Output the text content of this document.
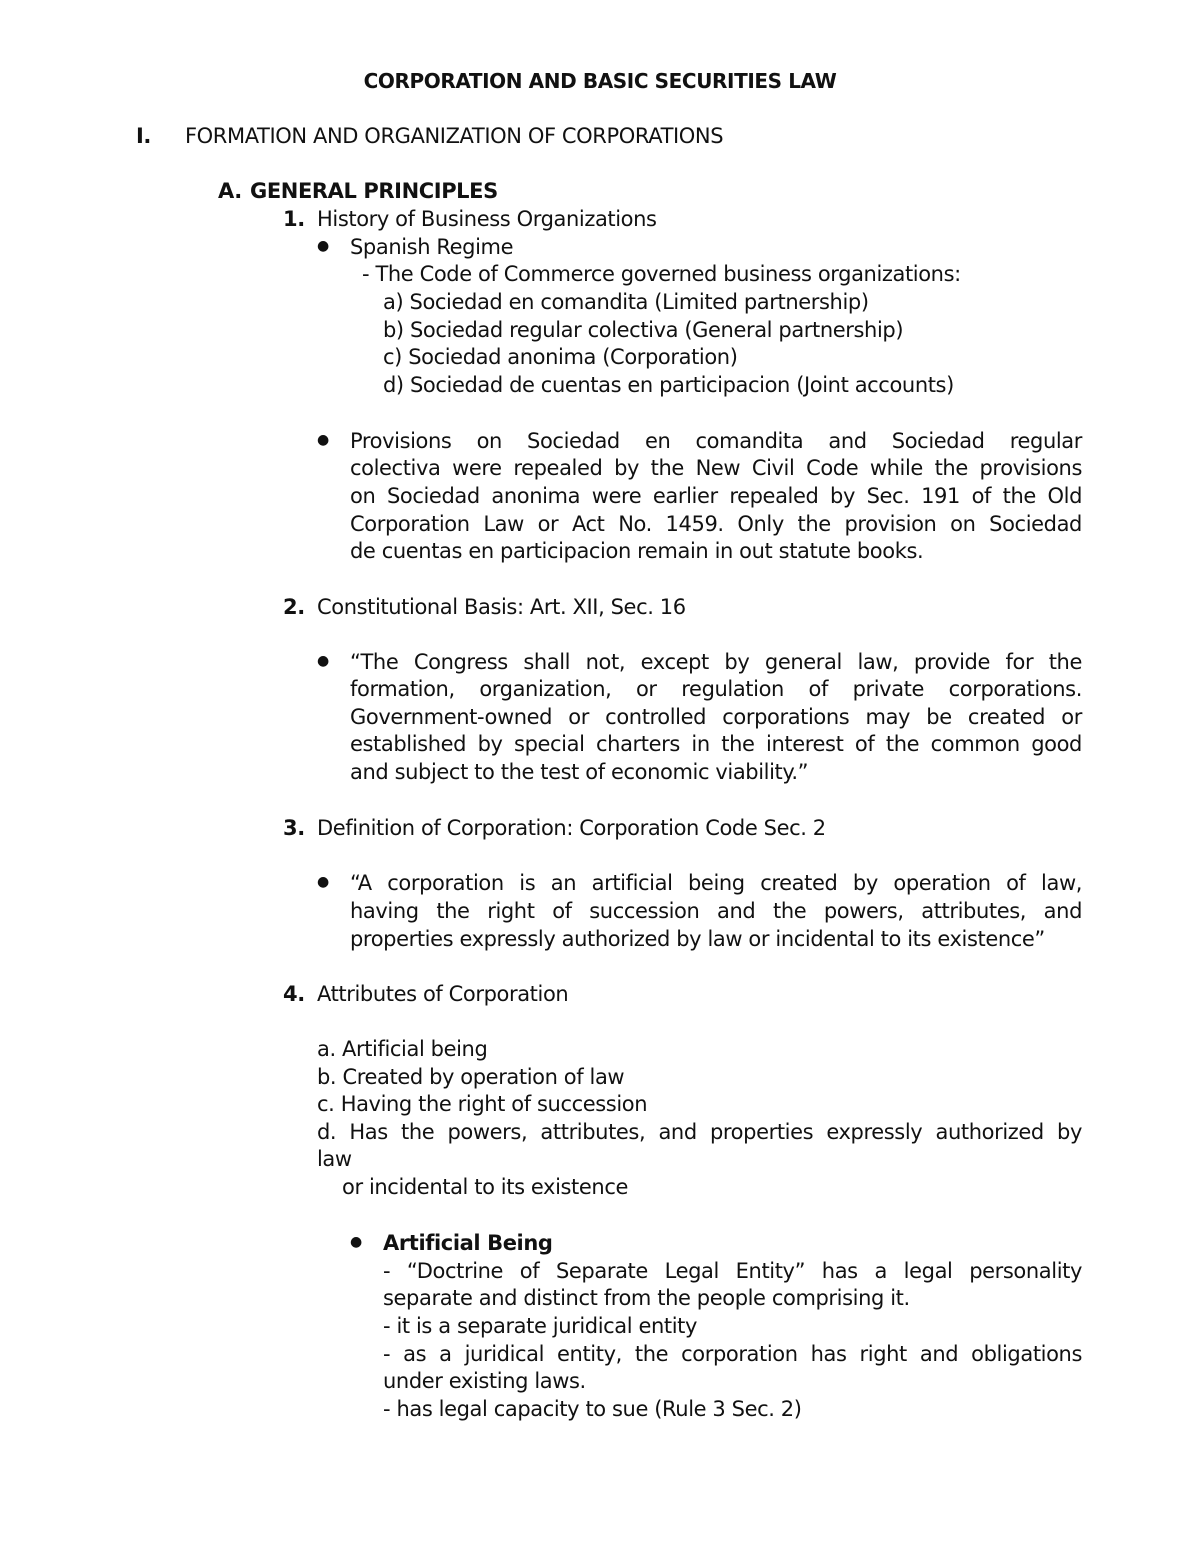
CORPORATION AND BASIC SECURITIES LAW
I. FORMATION AND ORGANIZATION OF CORPORATIONS
A. GENERAL PRINCIPLES
1. History of Business Organizations
● Spanish Regime
- The Code of Commerce governed business organizations:
a) Sociedad en comandita (Limited partnership)
b) Sociedad regular colectiva (General partnership)
c) Sociedad anonima (Corporation)
d) Sociedad de cuentas en participacion (Joint accounts)
● Provisions on Sociedad en comandita and Sociedad regular
colectiva were repealed by the New Civil Code while the provisions
on Sociedad anonima were earlier repealed by Sec. 191 of the Old
Corporation Law or Act No. 1459. Only the provision on Sociedad
de cuentas en participacion remain in out statute books.
2. Constitutional Basis: Art. XII, Sec. 16
● “The Congress shall not, except by general law, provide for the
formation, organization, or regulation of private corporations.
Government-owned or controlled corporations may be created or
established by special charters in the interest of the common good
and subject to the test of economic viability.”
3. Definition of Corporation: Corporation Code Sec. 2
● “A corporation is an artificial being created by operation of law,
having the right of succession and the powers, attributes, and
properties expressly authorized by law or incidental to its existence”
4. Attributes of Corporation
a. Artificial being
b. Created by operation of law
c. Having the right of succession
d. Has the powers, attributes, and properties expressly authorized by
law
or incidental to its existence
● Artificial Being
- “Doctrine of Separate Legal Entity” has a legal personality
separate and distinct from the people comprising it.
- it is a separate juridical entity
- as a juridical entity, the corporation has right and obligations
under existing laws.
- has legal capacity to sue (Rule 3 Sec. 2)
